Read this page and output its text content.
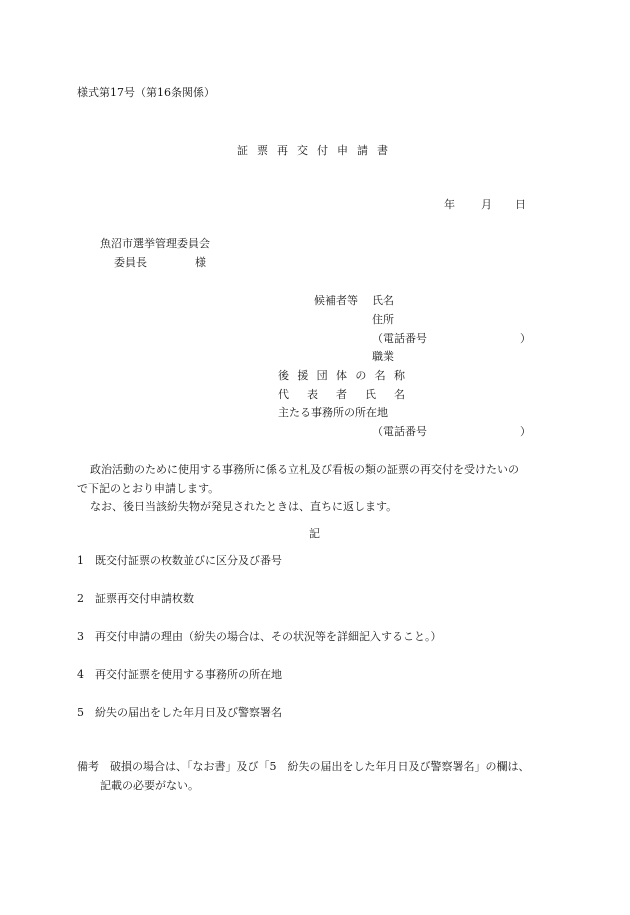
様式第17号（第16条関係）
証票再交付申請書
年 月 日
魚沼市選挙管理委員会
委員長	様
候補者等 氏名
住所
（電話番号	）
職業
後 援 団 体 の 名 称
代 表 者 氏 名
主たる事務所の所在地
（電話番号	）
政治活動のために使用する事務所に係る立札及び看板の類の証票の再交付を受けたいの
で下記のとおり申請します。
なお、後日当該紛失物が発見されたときは、直ちに返します。
記
1　既交付証票の枚数並びに区分及び番号
2　証票再交付申請枚数
3　再交付申請の理由（紛失の場合は、その状況等を詳細記入すること。）
4　再交付証票を使用する事務所の所在地
5　紛失の届出をした年月日及び警察署名
備考　破損の場合は、「なお書」及び「5　紛失の届出をした年月日及び警察署名」の欄は、
記載の必要がない。
